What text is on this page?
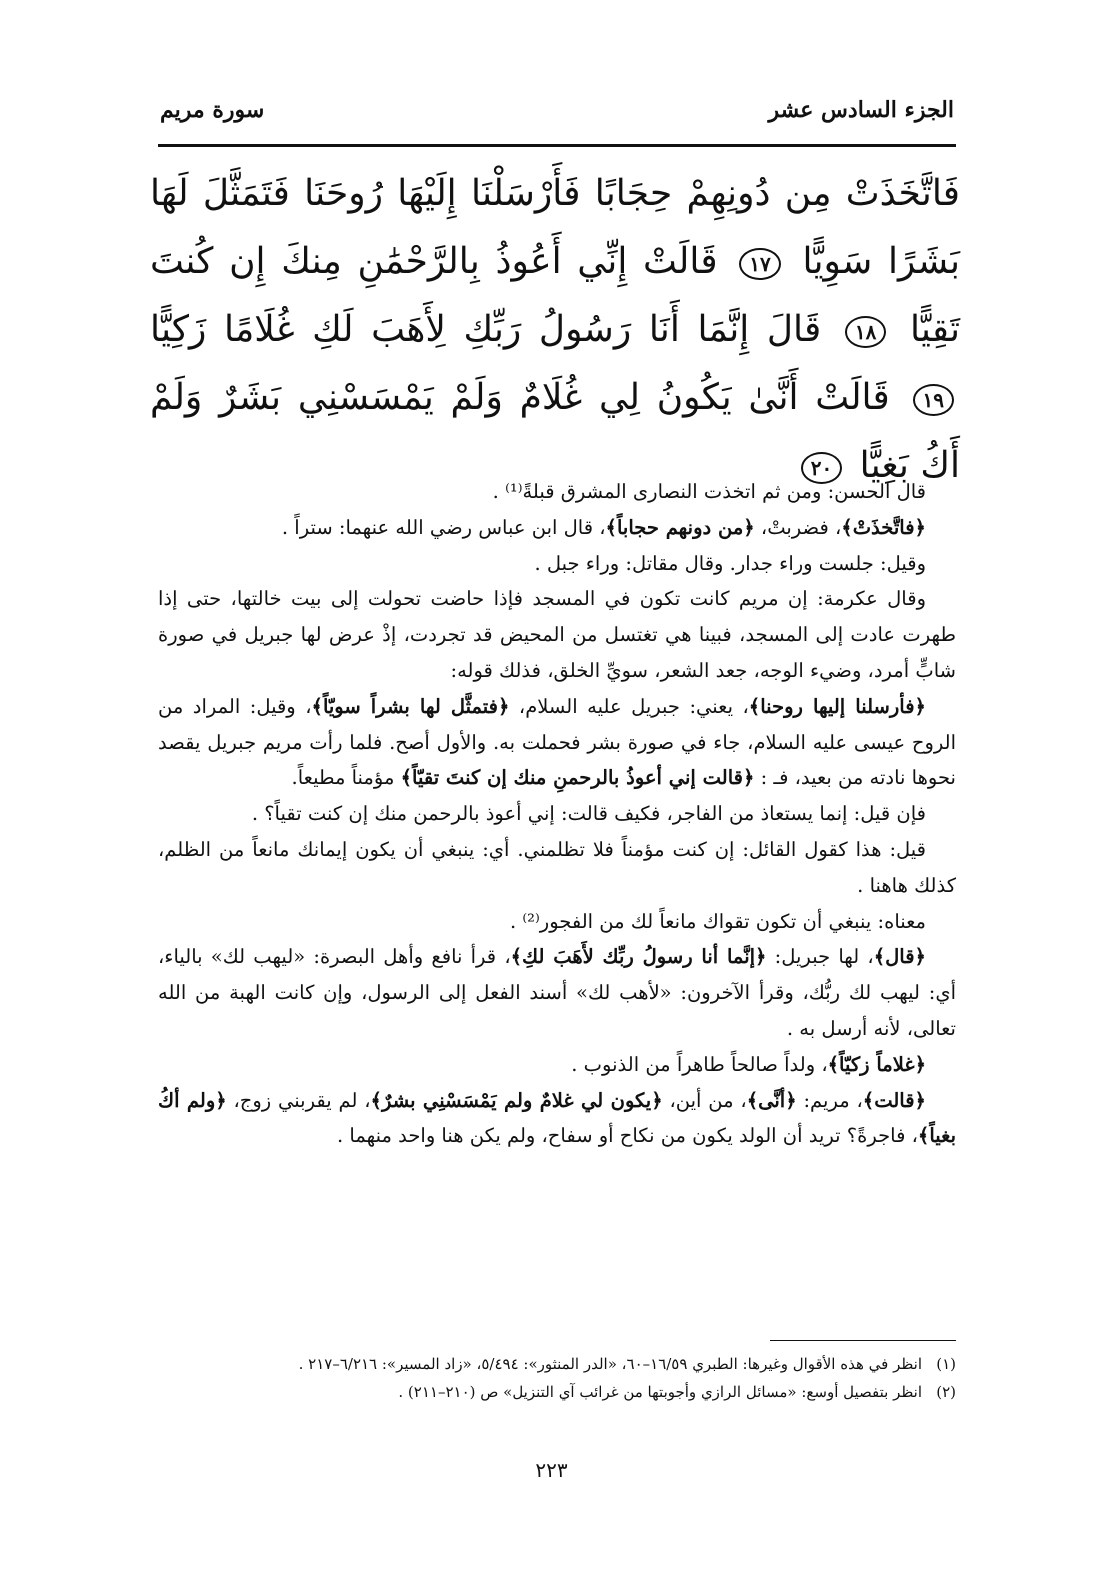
الجزء السادس عشر
سورة مريم
فَاتَّخَذَتْ مِن دُونِهِمْ حِجَابًا فَأَرْسَلْنَا إِلَيْهَا رُوحَنَا فَتَمَثَّلَ لَهَا بَشَرًا سَوِيًّا ١٧ قَالَتْ إِنِّي أَعُوذُ بِالرَّحْمَٰنِ مِنكَ إِن كُنتَ تَقِيًّا ١٨ قَالَ إِنَّمَا أَنَا رَسُولُ رَبِّكِ لِأَهَبَ لَكِ غُلَامًا زَكِيًّا ١٩ قَالَتْ أَنَّىٰ يَكُونُ لِي غُلَامٌ وَلَمْ يَمْسَسْنِي بَشَرٌ وَلَمْ أَكُ بَغِيًّا ٢٠

قال الحسن: ومن ثم اتخذت النصارى المشرق قبلةً⁽¹⁾ .

﴿فاتَّخذَتْ﴾، فضربتْ، ﴿من دونهم حجاباً﴾، قال ابن عباس رضي الله عنهما: ستراً .

وقيل: جلست وراء جدار. وقال مقاتل: وراء جبل .

وقال عكرمة: إن مريم كانت تكون في المسجد فإذا حاضت تحولت إلى بيت خالتها، حتى إذا طهرت عادت إلى المسجد، فبينا هي تغتسل من المحيض قد تجردت، إذْ عرض لها جبريل في صورة شابٍّ أمرد، وضيء الوجه، جعد الشعر، سويِّ الخلق، فذلك قوله:

﴿فأرسلنا إليها روحنا﴾، يعني: جبريل عليه السلام، ﴿فتمثَّل لها بشراً سويّاً﴾، وقيل: المراد من الروح عيسى عليه السلام، جاء في صورة بشر فحملت به. والأول أصح. فلما رأت مريم جبريل يقصد نحوها نادته من بعيد، فـ : ﴿قالت إني أعوذُ بالرحمنِ منك إن كنتَ تقيّاً﴾ مؤمناً مطيعاً.

فإن قيل: إنما يستعاذ من الفاجر، فكيف قالت: إني أعوذ بالرحمن منك إن كنت تقياً؟ .

قيل: هذا كقول القائل: إن كنت مؤمناً فلا تظلمني. أي: ينبغي أن يكون إيمانك مانعاً من الظلم، كذلك هاهنا .

معناه: ينبغي أن تكون تقواك مانعاً لك من الفجور⁽²⁾ .

﴿قال﴾، لها جبريل: ﴿إنَّما أنا رسولُ ربِّك لأَهَبَ لكِ﴾، قرأ نافع وأهل البصرة: «ليهب لك» بالياء، أي: ليهب لك ربُّك، وقرأ الآخرون: «لأهب لك» أسند الفعل إلى الرسول، وإن كانت الهبة من الله تعالى، لأنه أرسل به .

﴿غلاماً زكيّاً﴾، ولداً صالحاً طاهراً من الذنوب .

﴿قالت﴾، مريم: ﴿أنَّى﴾، من أين، ﴿يكون لي غلامٌ ولم يَمْسَسْنِي بشرٌ﴾، لم يقربني زوج، ﴿ولم أكُ بغياً﴾، فاجرةً؟ تريد أن الولد يكون من نكاح أو سفاح، ولم يكن هنا واحد منهما .

(١)
انظر في هذه الأقوال وغيرها: الطبري ١٦/٥٩–٦٠، «الدر المنثور»: ٥/٤٩٤، «زاد المسير»: ٦/٢١٦–٢١٧ .

(٢)
انظر بتفصيل أوسع: «مسائل الرازي وأجوبتها من غرائب آي التنزيل» ص (٢١٠–٢١١) .

٢٢٣
